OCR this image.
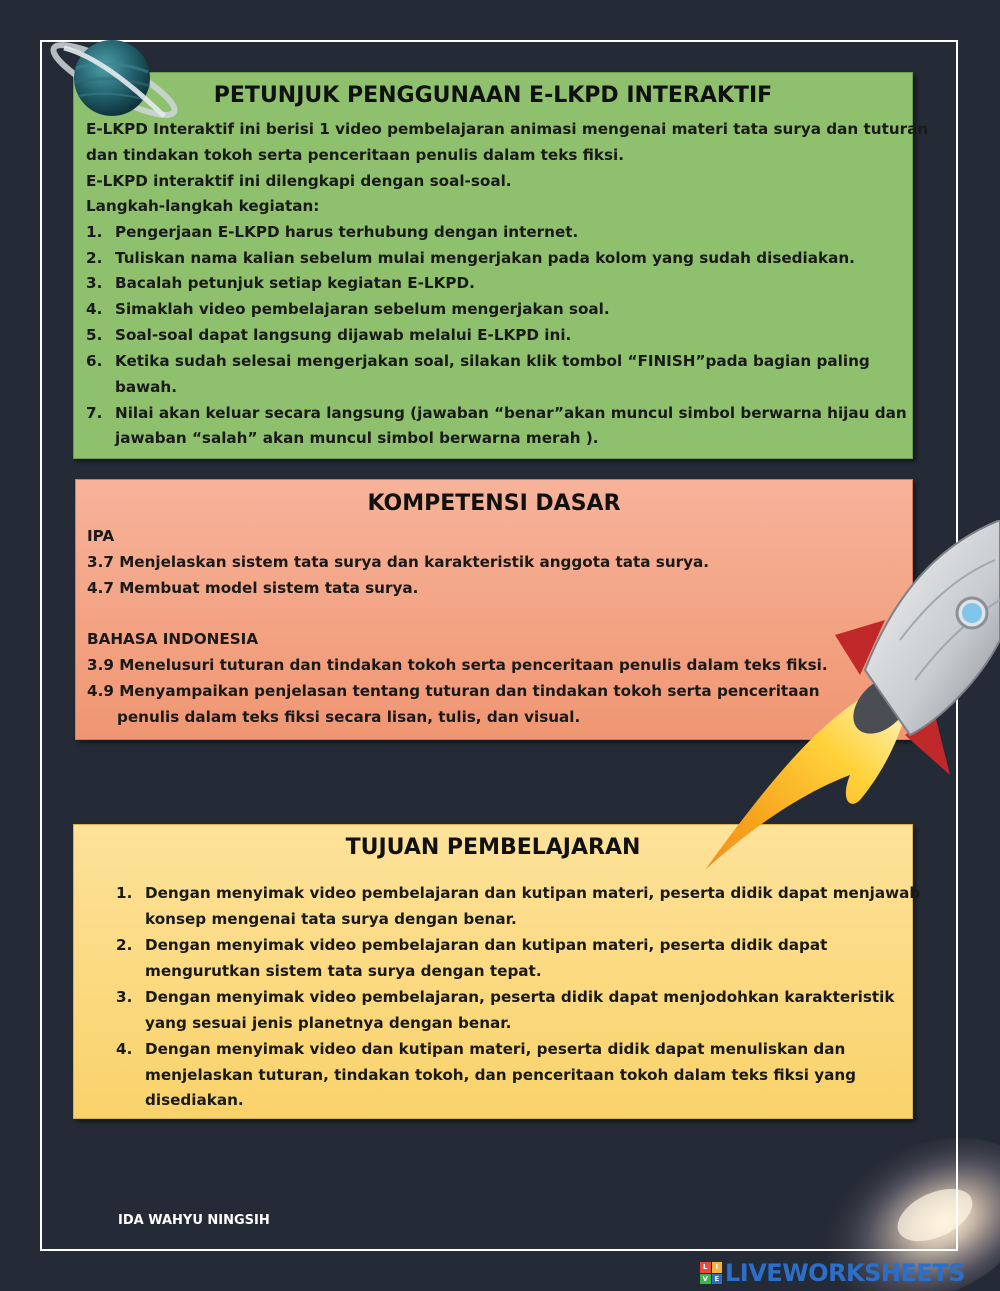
PETUNJUK PENGGUNAAN E-LKPD INTERAKTIF
E-LKPD Interaktif ini berisi 1 video pembelajaran animasi mengenai materi tata surya dan tuturan
dan tindakan tokoh serta penceritaan penulis dalam teks fiksi.
E-LKPD interaktif ini dilengkapi dengan soal-soal.
Langkah-langkah kegiatan:
1. Pengerjaan E-LKPD harus terhubung dengan internet.
2. Tuliskan nama kalian sebelum mulai mengerjakan pada kolom yang sudah disediakan.
3. Bacalah petunjuk setiap kegiatan E-LKPD.
4. Simaklah video pembelajaran sebelum mengerjakan soal.
5. Soal-soal dapat langsung dijawab melalui E-LKPD ini.
6. Ketika sudah selesai mengerjakan soal, silakan klik tombol “FINISH”pada bagian paling
bawah.
7. Nilai akan keluar secara langsung (jawaban “benar”akan muncul simbol berwarna hijau dan
jawaban “salah” akan muncul simbol berwarna merah ).
KOMPETENSI DASAR
IPA
3.7 Menjelaskan sistem tata surya dan karakteristik anggota tata surya.
4.7 Membuat model sistem tata surya.
BAHASA INDONESIA
3.9 Menelusuri tuturan dan tindakan tokoh serta penceritaan penulis dalam teks fiksi.
4.9 Menyampaikan penjelasan tentang tuturan dan tindakan tokoh serta penceritaan
penulis dalam teks fiksi secara lisan, tulis, dan visual.
TUJUAN PEMBELAJARAN
1. Dengan menyimak video pembelajaran dan kutipan materi, peserta didik dapat menjawab
konsep mengenai tata surya dengan benar.
2. Dengan menyimak video pembelajaran dan kutipan materi, peserta didik dapat
mengurutkan sistem tata surya dengan tepat.
3. Dengan menyimak video pembelajaran, peserta didik dapat menjodohkan karakteristik
yang sesuai jenis planetnya dengan benar.
4. Dengan menyimak video dan kutipan materi, peserta didik dapat menuliskan dan
menjelaskan tuturan, tindakan tokoh, dan penceritaan tokoh dalam teks fiksi yang
disediakan.
IDA WAHYU NINGSIH
L	I
V E LIVEWORKSHEETS
